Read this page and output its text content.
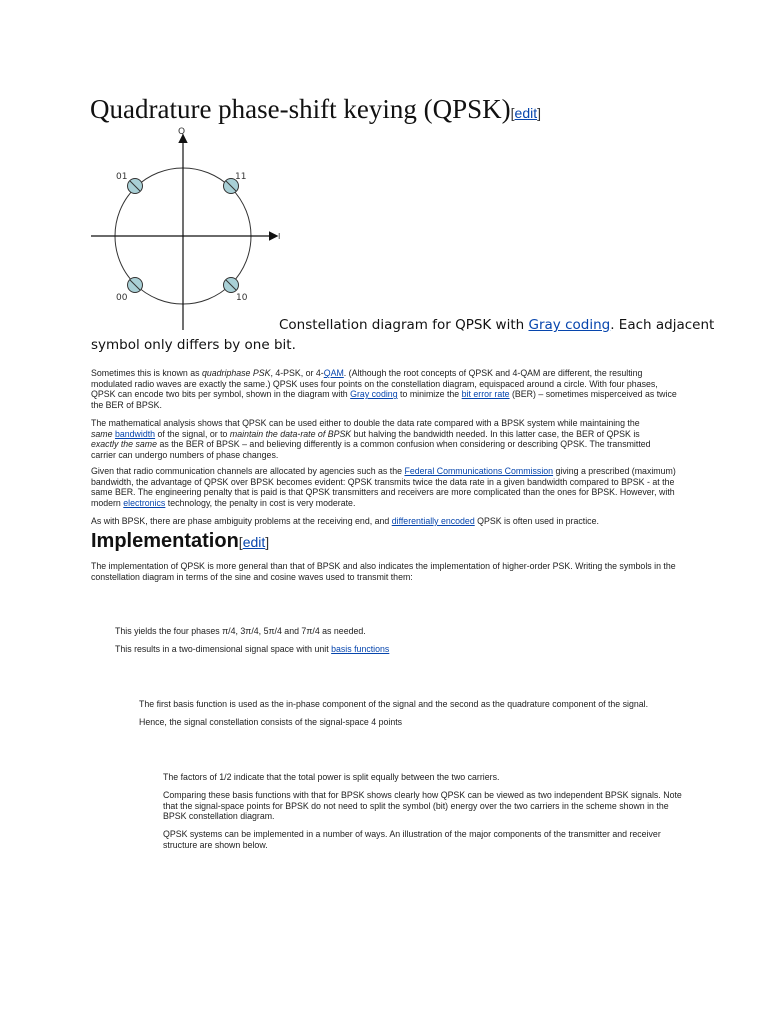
Quadrature phase-shift keying (QPSK)[edit]
Q
I
01	11
00	10
Constellation diagram for QPSK with Gray coding. Each adjacent
symbol only differs by one bit.
Sometimes this is known as quadriphase PSK, 4-PSK, or 4-QAM. (Although the root concepts of QPSK and 4-QAM are different, the resulting modulated radio waves are exactly the same.) QPSK uses four points on the constellation diagram, equispaced around a circle. With four phases, QPSK can encode two bits per symbol, shown in the diagram with Gray coding to minimize the bit error rate (BER) – sometimes misperceived as twice the BER of BPSK.
The mathematical analysis shows that QPSK can be used either to double the data rate compared with a BPSK system while maintaining the same bandwidth of the signal, or to maintain the data-rate of BPSK but halving the bandwidth needed. In this latter case, the BER of QPSK is exactly the same as the BER of BPSK – and believing differently is a common confusion when considering or describing QPSK. The transmitted carrier can undergo numbers of phase changes.
Given that radio communication channels are allocated by agencies such as the Federal Communications Commission giving a prescribed (maximum) bandwidth, the advantage of QPSK over BPSK becomes evident: QPSK transmits twice the data rate in a given bandwidth compared to BPSK - at the same BER. The engineering penalty that is paid is that QPSK transmitters and receivers are more complicated than the ones for BPSK. However, with modern electronics technology, the penalty in cost is very moderate.
As with BPSK, there are phase ambiguity problems at the receiving end, and differentially encoded QPSK is often used in practice.
Implementation[edit]
The implementation of QPSK is more general than that of BPSK and also indicates the implementation of higher-order PSK. Writing the symbols in the constellation diagram in terms of the sine and cosine waves used to transmit them:
This yields the four phases π/4, 3π/4, 5π/4 and 7π/4 as needed.
This results in a two-dimensional signal space with unit basis functions
The first basis function is used as the in-phase component of the signal and the second as the quadrature component of the signal.
Hence, the signal constellation consists of the signal-space 4 points
The factors of 1/2 indicate that the total power is split equally between the two carriers.
Comparing these basis functions with that for BPSK shows clearly how QPSK can be viewed as two independent BPSK signals. Note that the signal-space points for BPSK do not need to split the symbol (bit) energy over the two carriers in the scheme shown in the BPSK constellation diagram.
QPSK systems can be implemented in a number of ways. An illustration of the major components of the transmitter and receiver structure are shown below.
